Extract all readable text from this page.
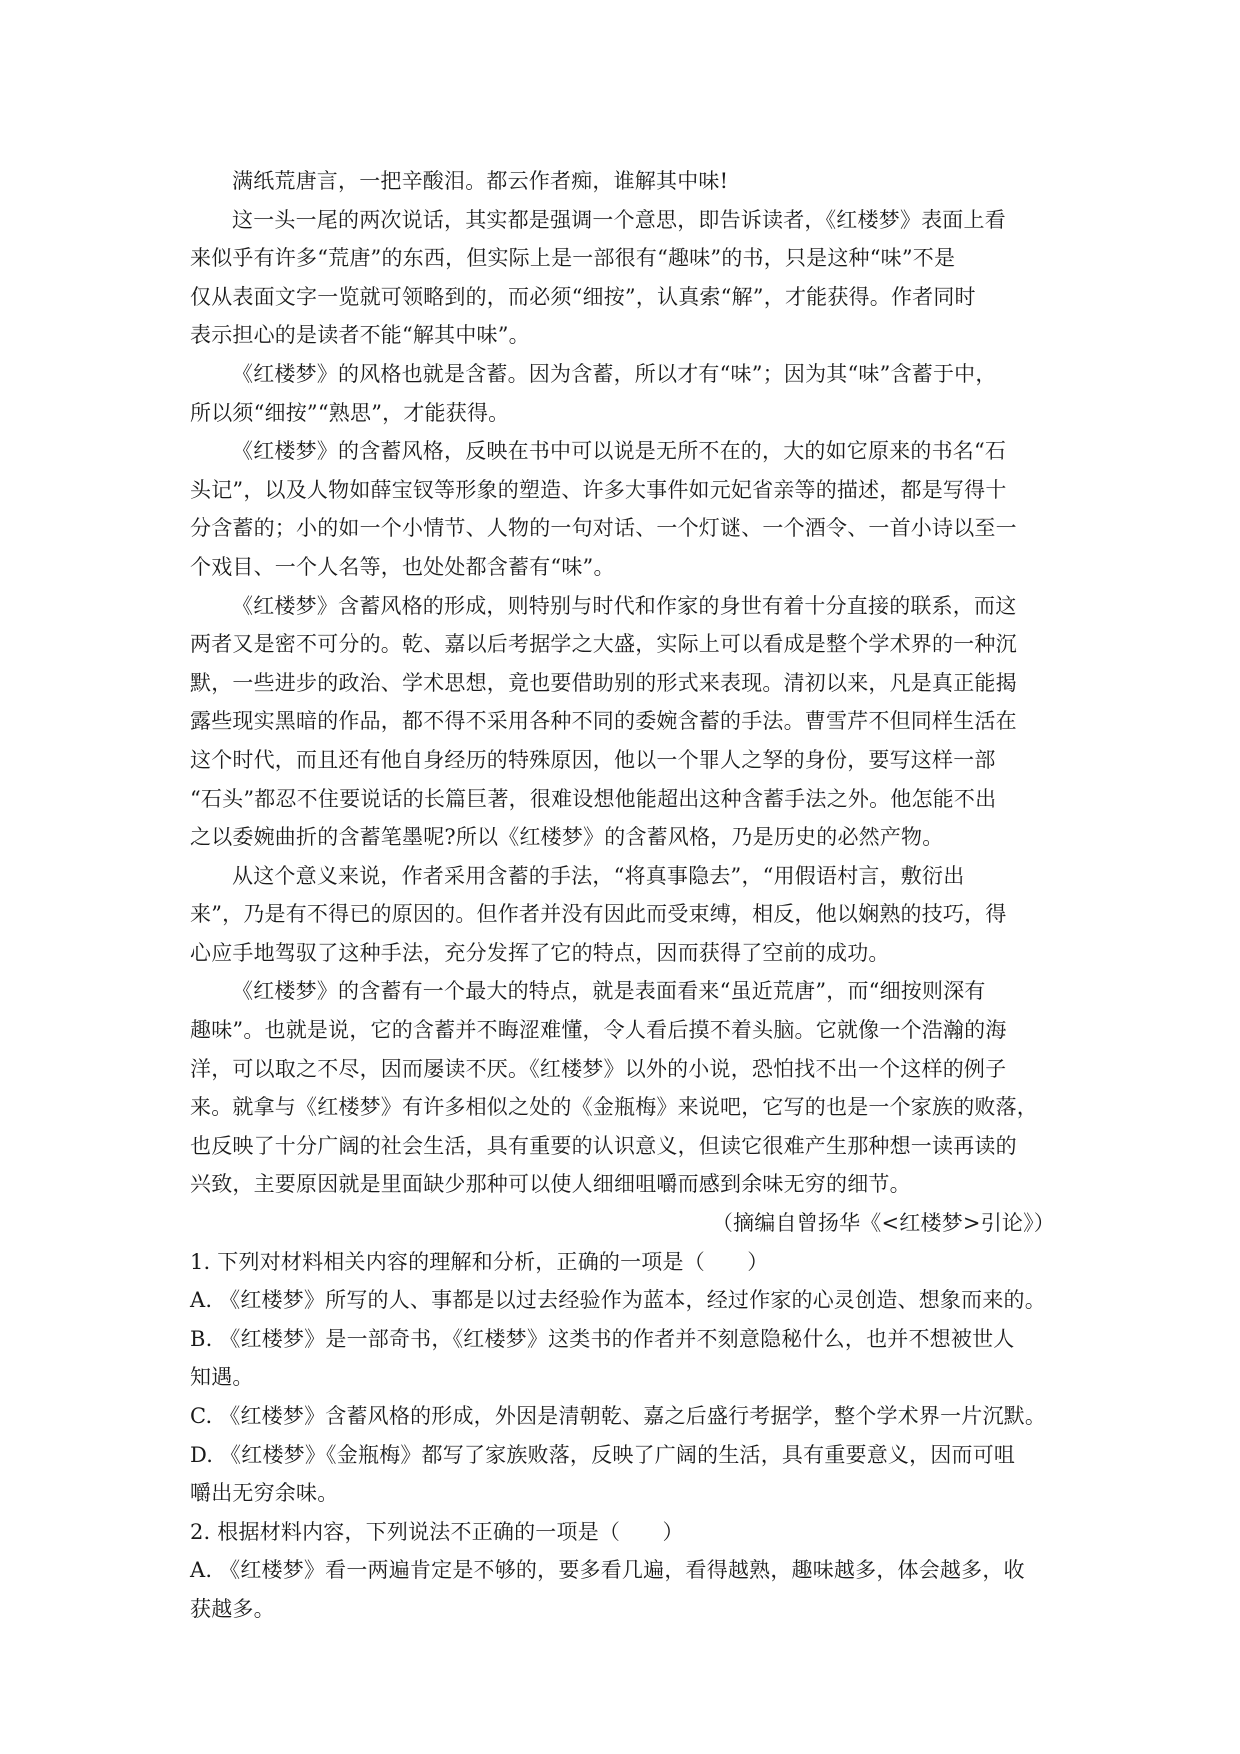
满纸荒唐言，一把辛酸泪。都云作者痴，谁解其中味!
这一头一尾的两次说话，其实都是强调一个意思，即告诉读者，《红楼梦》表面上看
来似乎有许多“荒唐”的东西，但实际上是一部很有“趣味”的书，只是这种“味”不是
仅从表面文字一览就可领略到的，而必须“细按”，认真索“解”，才能获得。作者同时
表示担心的是读者不能“解其中味”。
《红楼梦》的风格也就是含蓄。因为含蓄，所以才有“味”；因为其“味”含蓄于中，
所以须“细按”“熟思”，才能获得。
《红楼梦》的含蓄风格，反映在书中可以说是无所不在的，大的如它原来的书名“石
头记”，以及人物如薛宝钗等形象的塑造、许多大事件如元妃省亲等的描述，都是写得十
分含蓄的；小的如一个小情节、人物的一句对话、一个灯谜、一个酒令、一首小诗以至一
个戏目、一个人名等，也处处都含蓄有“味”。
《红楼梦》含蓄风格的形成，则特别与时代和作家的身世有着十分直接的联系，而这
两者又是密不可分的。乾、嘉以后考据学之大盛，实际上可以看成是整个学术界的一种沉
默，一些进步的政治、学术思想，竟也要借助别的形式来表现。清初以来，凡是真正能揭
露些现实黑暗的作品，都不得不采用各种不同的委婉含蓄的手法。曹雪芹不但同样生活在
这个时代，而且还有他自身经历的特殊原因，他以一个罪人之孥的身份，要写这样一部
“石头”都忍不住要说话的长篇巨著，很难设想他能超出这种含蓄手法之外。他怎能不出
之以委婉曲折的含蓄笔墨呢?所以《红楼梦》的含蓄风格，乃是历史的必然产物。
从这个意义来说，作者采用含蓄的手法，“将真事隐去”，“用假语村言，敷衍出
来”，乃是有不得已的原因的。但作者并没有因此而受束缚，相反，他以娴熟的技巧，得
心应手地驾驭了这种手法，充分发挥了它的特点，因而获得了空前的成功。
《红楼梦》的含蓄有一个最大的特点，就是表面看来“虽近荒唐”，而“细按则深有
趣味”。也就是说，它的含蓄并不晦涩难懂，令人看后摸不着头脑。它就像一个浩瀚的海
洋，可以取之不尽，因而屡读不厌。《红楼梦》以外的小说，恐怕找不出一个这样的例子
来。就拿与《红楼梦》有许多相似之处的《金瓶梅》来说吧，它写的也是一个家族的败落，
也反映了十分广阔的社会生活，具有重要的认识意义，但读它很难产生那种想一读再读的
兴致，主要原因就是里面缺少那种可以使人细细咀嚼而感到余味无穷的细节。
（摘编自曾扬华《<红楼梦>引论》）
1. 下列对材料相关内容的理解和分析，正确的一项是（　　）
A. 《红楼梦》所写的人、事都是以过去经验作为蓝本，经过作家的心灵创造、想象而来的。
B. 《红楼梦》是一部奇书，《红楼梦》这类书的作者并不刻意隐秘什么，也并不想被世人
知遇。
C. 《红楼梦》含蓄风格的形成，外因是清朝乾、嘉之后盛行考据学，整个学术界一片沉默。
D. 《红楼梦》《金瓶梅》都写了家族败落，反映了广阔的生活，具有重要意义，因而可咀
嚼出无穷余味。
2. 根据材料内容，下列说法不正确的一项是（　　）
A. 《红楼梦》看一两遍肯定是不够的，要多看几遍，看得越熟，趣味越多，体会越多，收
获越多。
